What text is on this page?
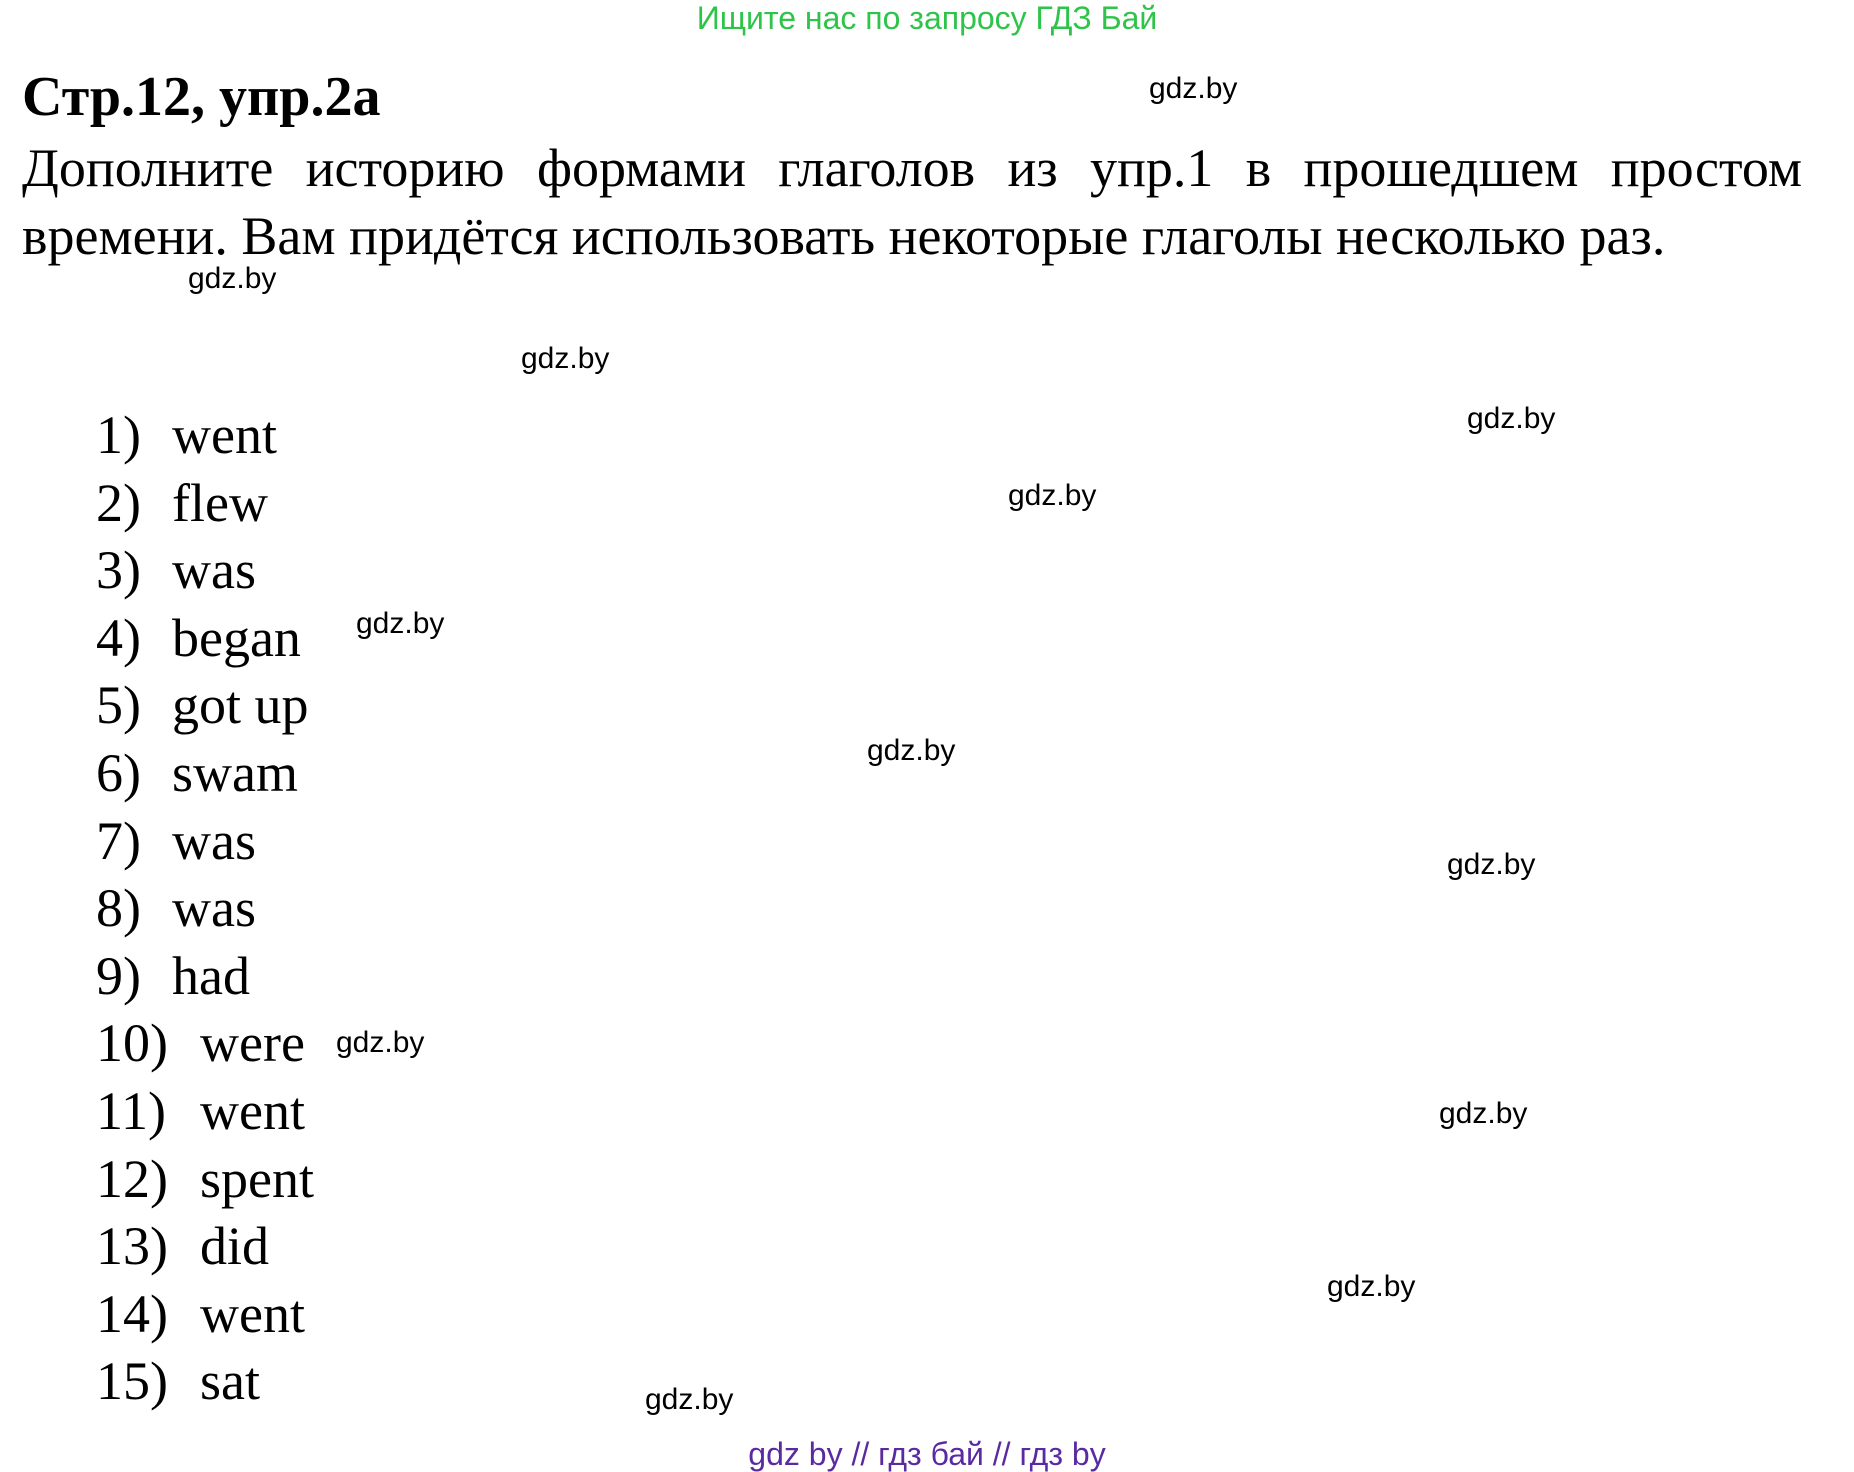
Ищите нас по запросу ГДЗ Бай
Стр.12, упр.2а
Дополните историю формами глаголов из упр.1 в прошедшем простом времени. Вам придётся использовать некоторые глаголы несколько раз.
1) went
2) flew
3) was
4) began
5) got up
6) swam
7) was
8) was
9) had
10) were
11) went
12) spent
13) did
14) went
15) sat
gdz.by
gdz.by
gdz.by
gdz.by
gdz.by
gdz.by
gdz.by
gdz.by
gdz.by
gdz.by
gdz.by
gdz.by
gdz by // гдз бай // гдз by
